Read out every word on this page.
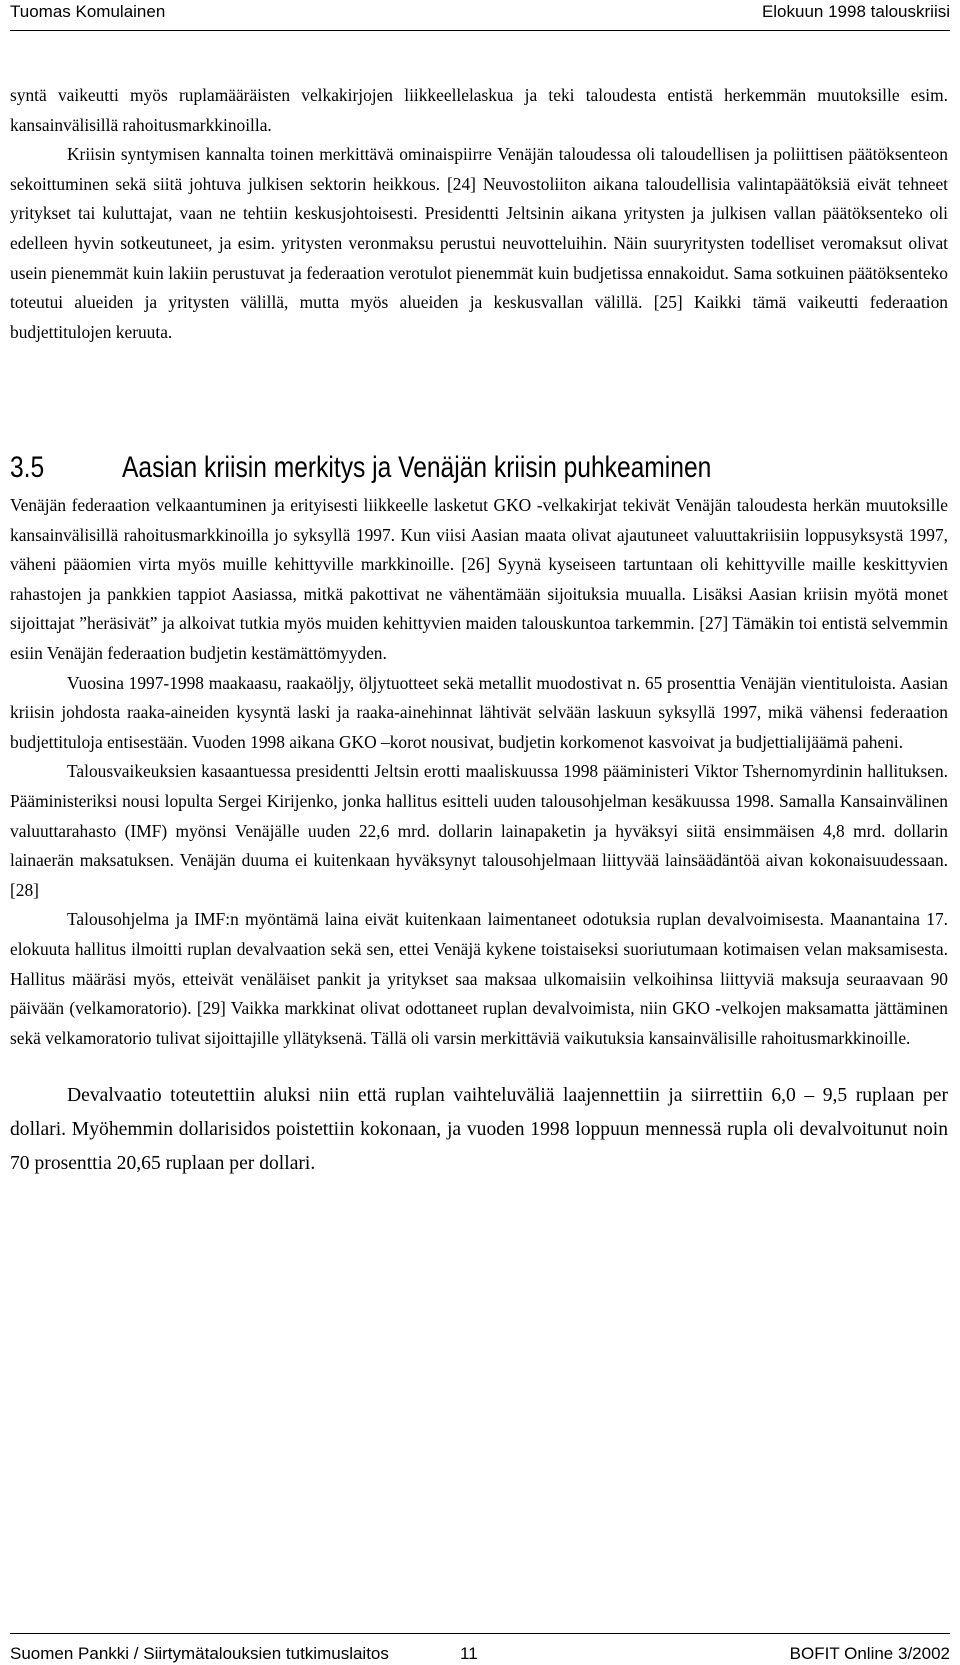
Tuomas Komulainen	Elokuun 1998 talouskriisi

syntä vaikeutti myös ruplamääräisten velkakirjojen liikkeellelaskua ja teki taloudesta entistä herkemmän muutoksille esim. kansainvälisillä rahoitusmarkkinoilla.

Kriisin syntymisen kannalta toinen merkittävä ominaispiirre Venäjän taloudessa oli taloudellisen ja poliittisen päätöksenteon sekoittuminen sekä siitä johtuva julkisen sektorin heikkous. [24] Neuvostoliiton aikana taloudellisia valintapäätöksiä eivät tehneet yritykset tai kuluttajat, vaan ne tehtiin keskusjohtoisesti. Presidentti Jeltsinin aikana yritysten ja julkisen vallan päätöksenteko oli edelleen hyvin sotkeutuneet, ja esim. yritysten veronmaksu perustui neuvotteluihin. Näin suuryritysten todelliset veromaksut olivat usein pienemmät kuin lakiin perustuvat ja federaation verotulot pienemmät kuin budjetissa ennakoidut. Sama sotkuinen päätöksenteko toteutui alueiden ja yritysten välillä, mutta myös alueiden ja keskusvallan välillä. [25] Kaikki tämä vaikeutti federaation budjettitulojen keruuta.

3.5	Aasian kriisin merkitys ja Venäjän kriisin puhkeaminen

Venäjän federaation velkaantuminen ja erityisesti liikkeelle lasketut GKO -velkakirjat tekivät Venäjän taloudesta herkän muutoksille kansainvälisillä rahoitusmarkkinoilla jo syksyllä 1997. Kun viisi Aasian maata olivat ajautuneet valuuttakriisiin loppusyksystä 1997, väheni pääomien virta myös muille kehittyville markkinoille. [26] Syynä kyseiseen tartuntaan oli kehittyville maille keskittyvien rahastojen ja pankkien tappiot Aasiassa, mitkä pakottivat ne vähentämään sijoituksia muualla. Lisäksi Aasian kriisin myötä monet sijoittajat ”heräsivät” ja alkoivat tutkia myös muiden kehittyvien maiden talouskuntoa tarkemmin. [27] Tämäkin toi entistä selvemmin esiin Venäjän federaation budjetin kestämättömyyden.

Vuosina 1997-1998 maakaasu, raakaöljy, öljytuotteet sekä metallit muodostivat n. 65 prosenttia Venäjän vientituloista. Aasian kriisin johdosta raaka-aineiden kysyntä laski ja raaka-ainehinnat lähtivät selvään laskuun syksyllä 1997, mikä vähensi federaation budjettituloja entisestään. Vuoden 1998 aikana GKO –korot nousivat, budjetin korkomenot kasvoivat ja budjettialijäämä paheni.

Talousvaikeuksien kasaantuessa presidentti Jeltsin erotti maaliskuussa 1998 pääministeri Viktor Tshernomyrdinin hallituksen. Pääministeriksi nousi lopulta Sergei Kirijenko, jonka hallitus esitteli uuden talousohjelman kesäkuussa 1998. Samalla Kansainvälinen valuuttarahasto (IMF) myönsi Venäjälle uuden 22,6 mrd. dollarin lainapaketin ja hyväksyi siitä ensimmäisen 4,8 mrd. dollarin lainaerän maksatuksen. Venäjän duuma ei kuitenkaan hyväksynyt talousohjelmaan liittyvää lainsäädäntöä aivan kokonaisuudessaan. [28]

Talousohjelma ja IMF:n myöntämä laina eivät kuitenkaan laimentaneet odotuksia ruplan devalvoimisesta. Maanantaina 17. elokuuta hallitus ilmoitti ruplan devalvaation sekä sen, ettei Venäjä kykene toistaiseksi suoriutumaan kotimaisen velan maksamisesta. Hallitus määräsi myös, etteivät venäläiset pankit ja yritykset saa maksaa ulkomaisiin velkoihinsa liittyviä maksuja seuraavaan 90 päivään (velkamoratorio). [29] Vaikka markkinat olivat odottaneet ruplan devalvoimista, niin GKO -velkojen maksamatta jättäminen sekä velkamoratorio tulivat sijoittajille yllätyksenä. Tällä oli varsin merkittäviä vaikutuksia kansainvälisille rahoitusmarkkinoille.

Devalvaatio toteutettiin aluksi niin että ruplan vaihteluväliä laajennettiin ja siirrettiin 6,0 – 9,5 ruplaan per dollari. Myöhemmin dollarisidos poistettiin kokonaan, ja vuoden 1998 loppuun mennessä rupla oli devalvoitunut noin 70 prosenttia 20,65 ruplaan per dollari.

Suomen Pankki / Siirtymätalouksien tutkimuslaitos	11	BOFIT Online 3/2002
